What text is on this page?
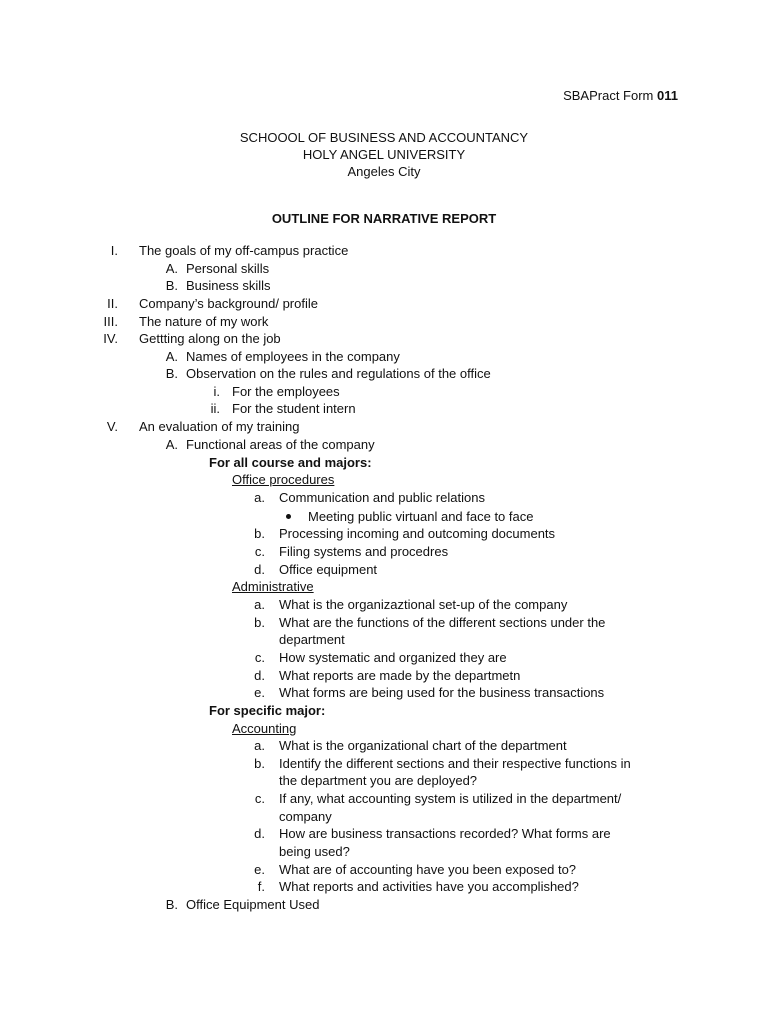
SBAPract Form 011
SCHOOOL OF BUSINESS AND ACCOUNTANCY
HOLY ANGEL UNIVERSITY
Angeles City
OUTLINE FOR NARRATIVE REPORT
I. The goals of my off-campus practice
A. Personal skills
B. Business skills
II. Company’s background/ profile
III. The nature of my work
IV. Gettting along on the job
A. Names of employees in the company
B. Observation on the rules and regulations of the office
i. For the employees
ii. For the student intern
V. An evaluation of my training
A. Functional areas of the company
For all course and majors:
Office procedures
a. Communication and public relations
Meeting public virtuanl and face to face
b. Processing incoming and outcoming documents
c. Filing systems and procedres
d. Office equipment
Administrative
a. What is the organizaztional set-up of the company
b. What are the functions of the different sections under the
department
c. How systematic and organized they are
d. What reports are made by the departmetn
e. What forms are being used for the business transactions
For specific major:
Accounting
a. What is the organizational chart of the department
b. Identify the different sections and their respective functions in
the department you are deployed?
c. If any, what accounting system is utilized in the department/
company
d. How are business transactions recorded? What forms are
being used?
e. What are of accounting have you been exposed to?
f. What reports and activities have you accomplished?
B. Office Equipment Used
